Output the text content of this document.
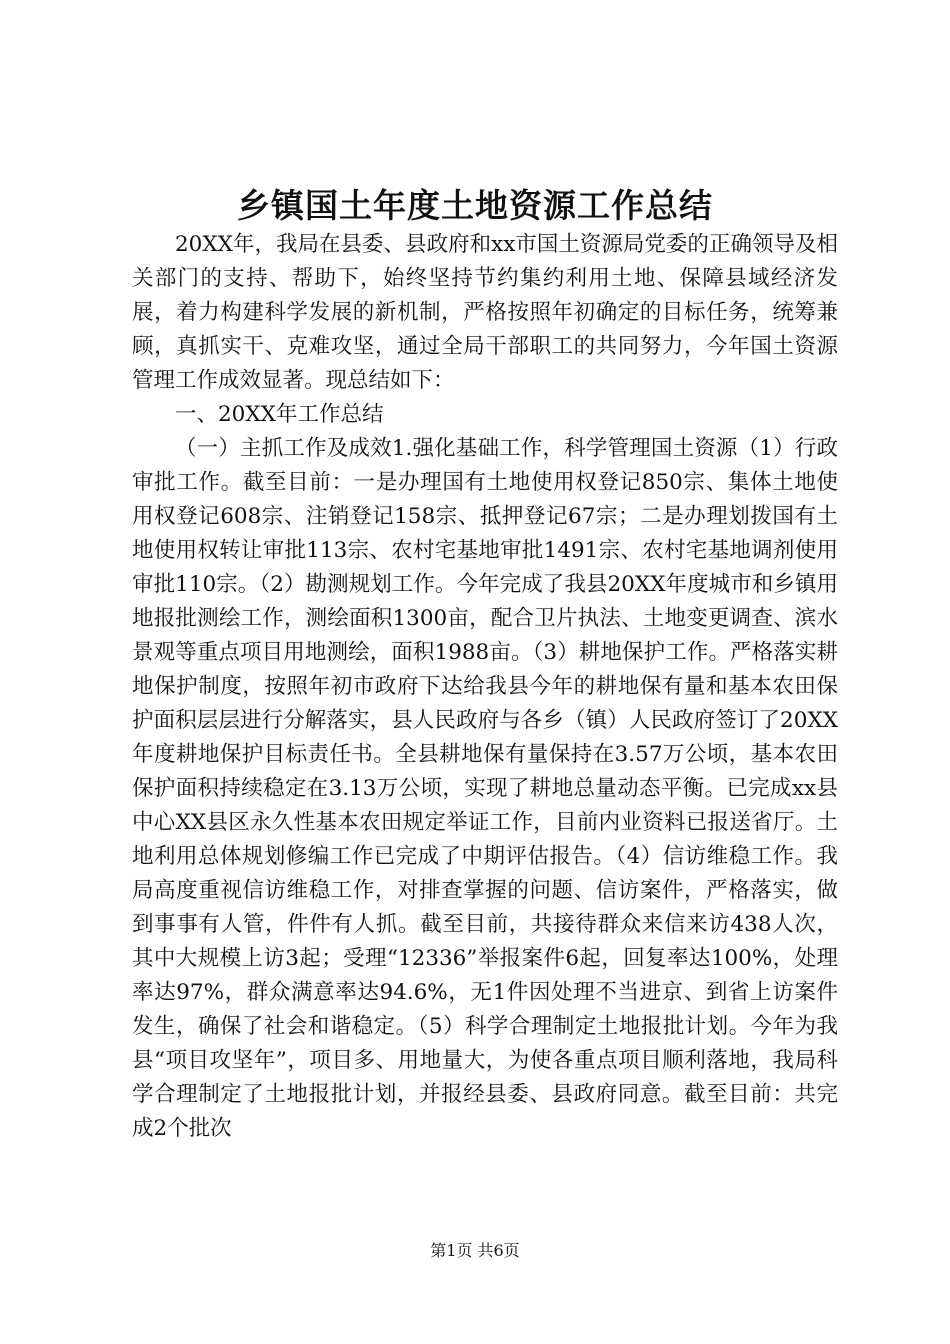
乡镇国土年度土地资源工作总结

20XX年，我局在县委、县政府和xx市国土资源局党委的正确领导及相关部门的支持、帮助下，始终坚持节约集约利用土地、保障县域经济发展，着力构建科学发展的新机制，严格按照年初确定的目标任务，统筹兼顾，真抓实干、克难攻坚，通过全局干部职工的共同努力，今年国土资源管理工作成效显著。现总结如下：

一、20XX年工作总结

（一）主抓工作及成效1.强化基础工作，科学管理国土资源（1）行政审批工作。截至目前：一是办理国有土地使用权登记850宗、集体土地使用权登记608宗、注销登记158宗、抵押登记67宗；二是办理划拨国有土地使用权转让审批113宗、农村宅基地审批1491宗、农村宅基地调剂使用审批110宗。（2）勘测规划工作。今年完成了我县20XX年度城市和乡镇用地报批测绘工作，测绘面积1300亩，配合卫片执法、土地变更调查、滨水景观等重点项目用地测绘，面积1988亩。（3）耕地保护工作。严格落实耕地保护制度，按照年初市政府下达给我县今年的耕地保有量和基本农田保护面积层层进行分解落实，县人民政府与各乡（镇）人民政府签订了20XX年度耕地保护目标责任书。全县耕地保有量保持在3.57万公顷，基本农田保护面积持续稳定在3.13万公顷，实现了耕地总量动态平衡。已完成xx县中心XX县区永久性基本农田规定举证工作，目前内业资料已报送省厅。土地利用总体规划修编工作已完成了中期评估报告。（4）信访维稳工作。我局高度重视信访维稳工作，对排查掌握的问题、信访案件，严格落实，做到事事有人管，件件有人抓。截至目前，共接待群众来信来访438人次，其中大规模上访3起；受理“12336”举报案件6起，回复率达100%，处理率达97%，群众满意率达94.6%，无1件因处理不当进京、到省上访案件发生，确保了社会和谐稳定。（5）科学合理制定土地报批计划。今年为我县“项目攻坚年”，项目多、用地量大，为使各重点项目顺利落地，我局科学合理制定了土地报批计划，并报经县委、县政府同意。截至目前：共完成2个批次

第1页 共6页
